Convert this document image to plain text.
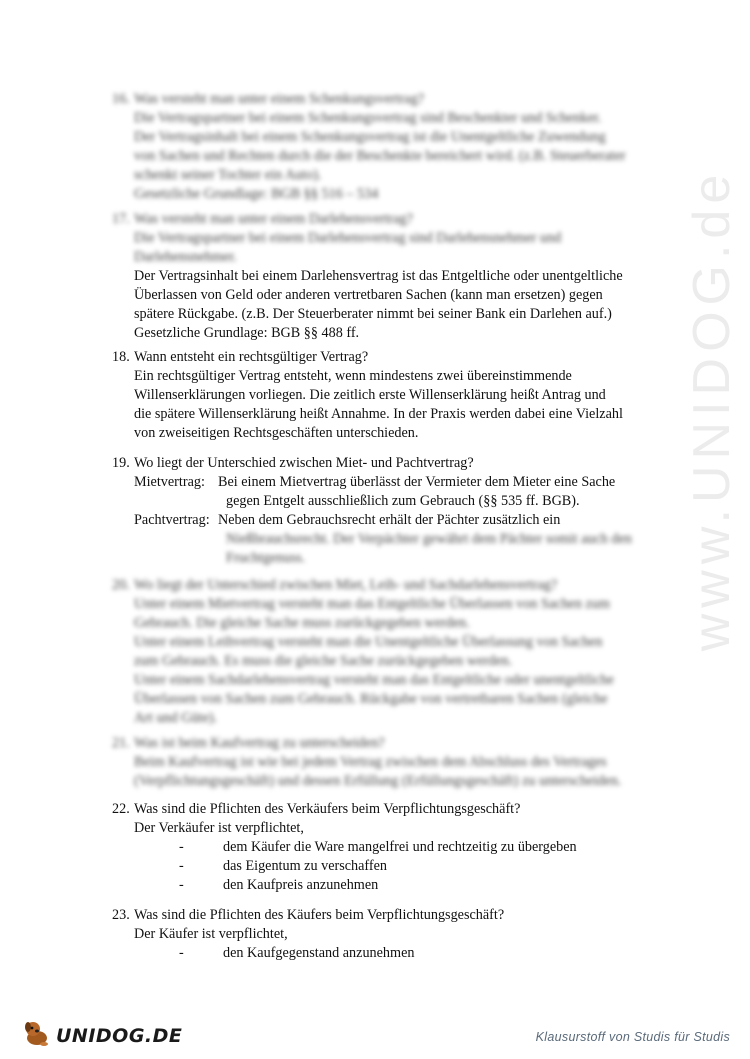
www.UNIDOG.de
16. Was versteht man unter einem Schenkungsvertrag?
Die Vertragspartner bei einem Schenkungsvertrag sind Beschenkter und Schenker.
Der Vertragsinhalt bei einem Schenkungsvertrag ist die Unentgeltliche Zuwendung
von Sachen und Rechten durch die der Beschenkte bereichert wird. (z.B. Steuerberater
schenkt seiner Tochter ein Auto).
Gesetzliche Grundlage: BGB §§ 516 – 534
17. Was versteht man unter einem Darlehensvertrag?
Die Vertragspartner bei einem Darlehensvertrag sind Darlehensnehmer und
Darlehensnehmer.
Der Vertragsinhalt bei einem Darlehensvertrag ist das Entgeltliche oder unentgeltliche
Überlassen von Geld oder anderen vertretbaren Sachen (kann man ersetzen) gegen
spätere Rückgabe. (z.B. Der Steuerberater nimmt bei seiner Bank ein Darlehen auf.)
Gesetzliche Grundlage: BGB §§ 488 ff.
18. Wann entsteht ein rechtsgültiger Vertrag?
Ein rechtsgültiger Vertrag entsteht, wenn mindestens zwei übereinstimmende
Willenserklärungen vorliegen. Die zeitlich erste Willenserklärung heißt Antrag und
die spätere Willenserklärung heißt Annahme. In der Praxis werden dabei eine Vielzahl
von zweiseitigen Rechtsgeschäften unterschieden.
19. Wo liegt der Unterschied zwischen Miet- und Pachtvertrag?
Mietvertrag: Bei einem Mietvertrag überlässt der Vermieter dem Mieter eine Sache
gegen Entgelt ausschließlich zum Gebrauch (§§ 535 ff. BGB).
Pachtvertrag: Neben dem Gebrauchsrecht erhält der Pächter zusätzlich ein
Nießbrauchsrecht. Der Verpächter gewährt dem Pächter somit auch den
Fruchtgenuss.
20. Wo liegt der Unterschied zwischen Miet, Leih- und Sachdarlehensvertrag?
Unter einem Mietvertrag versteht man das Entgeltliche Überlassen von Sachen zum
Gebrauch. Die gleiche Sache muss zurückgegeben werden.
Unter einem Leihvertrag versteht man die Unentgeltliche Überlassung von Sachen
zum Gebrauch. Es muss die gleiche Sache zurückgegeben werden.
Unter einem Sachdarlehensvertrag versteht man das Entgeltliche oder unentgeltliche
Überlassen von Sachen zum Gebrauch. Rückgabe von vertretbaren Sachen (gleiche
Art und Güte).
21. Was ist beim Kaufvertrag zu unterscheiden?
Beim Kaufvertrag ist wie bei jedem Vertrag zwischen dem Abschluss des Vertrages
(Verpflichtungsgeschäft) und dessen Erfüllung (Erfüllungsgeschäft) zu unterscheiden.
22. Was sind die Pflichten des Verkäufers beim Verpflichtungsgeschäft?
Der Verkäufer ist verpflichtet,
-	dem Käufer die Ware mangelfrei und rechtzeitig zu übergeben
-	das Eigentum zu verschaffen
-	den Kaufpreis anzunehmen
23. Was sind die Pflichten des Käufers beim Verpflichtungsgeschäft?
Der Käufer ist verpflichtet,
-	den Kaufgegenstand anzunehmen
UNIDOG.DE	Klausurstoff von Studis für Studis
